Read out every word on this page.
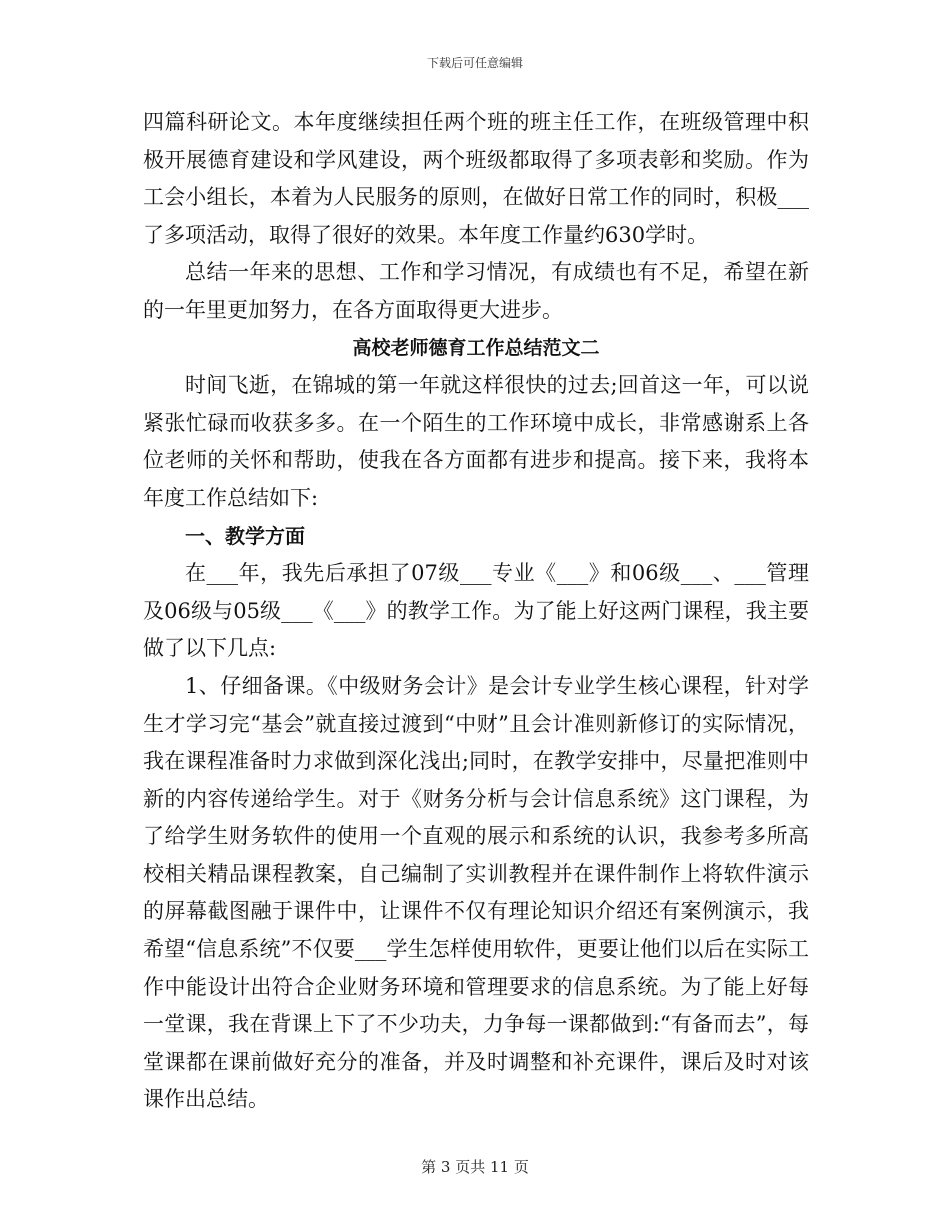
下载后可任意编辑

四篇科研论文。本年度继续担任两个班的班主任工作，在班级管理中积极开展德育建设和学风建设，两个班级都取得了多项表彰和奖励。作为工会小组长，本着为人民服务的原则，在做好日常工作的同时，积极___了多项活动，取得了很好的效果。本年度工作量约630学时。

总结一年来的思想、工作和学习情况，有成绩也有不足，希望在新的一年里更加努力，在各方面取得更大进步。

高校老师德育工作总结范文二

时间飞逝，在锦城的第一年就这样很快的过去;回首这一年，可以说紧张忙碌而收获多多。在一个陌生的工作环境中成长，非常感谢系上各位老师的关怀和帮助，使我在各方面都有进步和提高。接下来，我将本年度工作总结如下:

一、教学方面

在___年，我先后承担了07级___专业《___》和06级___、___管理及06级与05级___《___》的教学工作。为了能上好这两门课程，我主要做了以下几点:

1、仔细备课。《中级财务会计》是会计专业学生核心课程，针对学生才学习完“基会”就直接过渡到“中财”且会计准则新修订的实际情况，我在课程准备时力求做到深化浅出;同时，在教学安排中，尽量把准则中新的内容传递给学生。对于《财务分析与会计信息系统》这门课程，为了给学生财务软件的使用一个直观的展示和系统的认识，我参考多所高校相关精品课程教案，自己编制了实训教程并在课件制作上将软件演示的屏幕截图融于课件中，让课件不仅有理论知识介绍还有案例演示，我希望“信息系统”不仅要___学生怎样使用软件，更要让他们以后在实际工作中能设计出符合企业财务环境和管理要求的信息系统。为了能上好每一堂课，我在背课上下了不少功夫，力争每一课都做到:“有备而去”，每堂课都在课前做好充分的准备，并及时调整和补充课件，课后及时对该课作出总结。

第 3 页共 11 页
